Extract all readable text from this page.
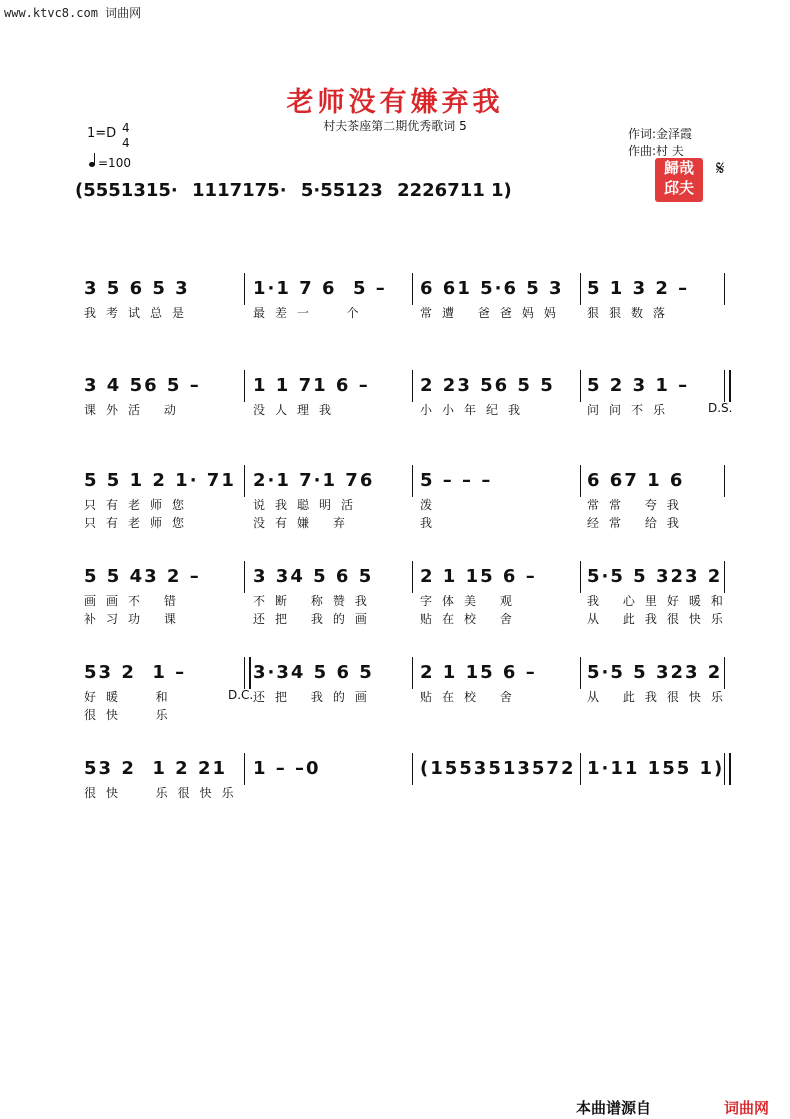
www.ktvc8.com 词曲网
老师没有嫌弃我
村夫茶座第二期优秀歌词 5
作词:金泽霞
作曲:村 夫
1=D 4
4
=100	歸哉 邱夫
𝄋
(5551315· 1117175· 5·55123 2226711 1)
3 5 6 5 3
我考试总是
1·1 7 6  5 –
最差一  个
6 61 5·6 5 3
常遭 爸爸妈妈
5 1 3 2 –
狠狠数落
3 4 56 5 –
课外活 动
1 1 71 6 –
没人理我
2 23 56 5 5
小小年纪我
5 2 3 1 –
问问不乐	D.S.
5 5 1 2 1· 71
只有老师您
只有老师您
2·1 7·1 76
说我聪明活
没有嫌 弃
5 – – –
泼
我
6 67 1 6
常常 夸我
经常 给我
5 5 43 2 –
画画不 错
补习功 课
3 34 5 6 5
不断 称赞我
还把 我的画
2 1 15 6 –
字体美 观
贴在校 舍
5·5 5 323 2
我 心里好暖和
从 此我很快乐
53 2  1 –
好暖  和
很快  乐
3·34 5 6 5
还把 我的画
2 1 15 6 –
贴在校 舍
5·5 5 323 2
从 此我很快乐
D.C.
53 2  1 2 21
很快  乐很快乐
1 – –0	(1553513572 1·11 155 1)
本曲谱源自	词曲网
